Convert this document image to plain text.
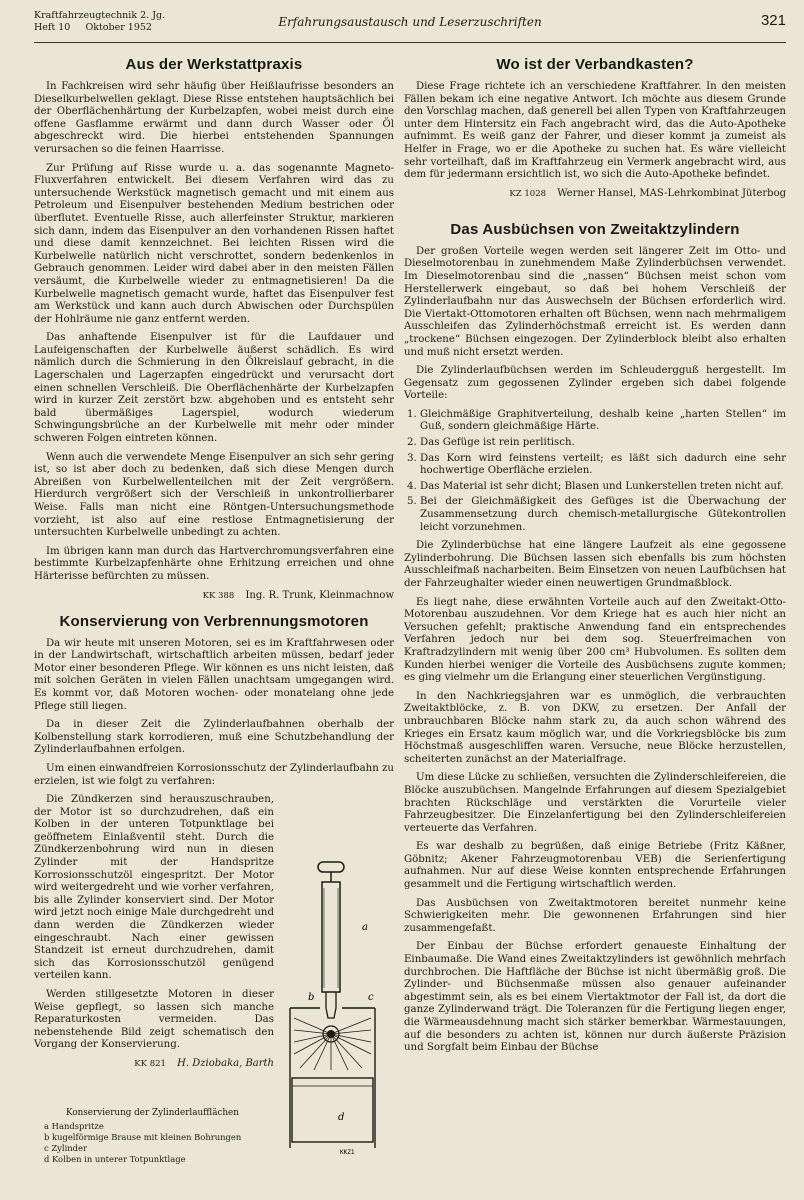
Kraftfahrzeugtechnik 2. Jg.
Heft 10     Oktober 1952	Erfahrungsaustausch und Leserzuschriften	321
Aus der Werkstattpraxis

In Fachkreisen wird sehr häufig über Heißlaufrisse besonders an Dieselkurbelwellen geklagt. Diese Risse entstehen hauptsächlich bei der Oberflächenhärtung der Kurbelzapfen, wobei meist durch eine offene Gasflamme erwärmt und dann durch Wasser oder Öl abgeschreckt wird. Die hierbei entstehenden Spannungen verursachen so die feinen Haarrisse.

Zur Prüfung auf Risse wurde u. a. das sogenannte Magneto-Fluxverfahren entwickelt. Bei diesem Verfahren wird das zu untersuchende Werkstück magnetisch gemacht und mit einem aus Petroleum und Eisenpulver bestehenden Medium bestrichen oder überflutet. Eventuelle Risse, auch allerfeinster Struktur, markieren sich dann, indem das Eisenpulver an den vorhandenen Rissen haftet und diese damit kennzeichnet. Bei leichten Rissen wird die Kurbelwelle natürlich nicht verschrottet, sondern bedenkenlos in Gebrauch genommen. Leider wird dabei aber in den meisten Fällen versäumt, die Kurbelwelle wieder zu entmagnetisieren! Da die Kurbelwelle magnetisch gemacht wurde, haftet das Eisenpulver fest am Werkstück und kann auch durch Abwischen oder Durchspülen der Hohlräume nie ganz entfernt werden.

Das anhaftende Eisenpulver ist für die Laufdauer und Laufeigenschaften der Kurbelwelle äußerst schädlich. Es wird nämlich durch die Schmierung in den Ölkreislauf gebracht, in die Lagerschalen und Lagerzapfen eingedrückt und verursacht dort einen schnellen Verschleiß. Die Oberflächenhärte der Kurbelzapfen wird in kurzer Zeit zerstört bzw. abgehoben und es entsteht sehr bald übermäßiges Lagerspiel, wodurch wiederum Schwingungsbrüche an der Kurbelwelle mit mehr oder minder schweren Folgen eintreten können.

Wenn auch die verwendete Menge Eisenpulver an sich sehr gering ist, so ist aber doch zu bedenken, daß sich diese Mengen durch Abreißen von Kurbelwellenteilchen mit der Zeit vergrößern. Hierdurch vergrößert sich der Verschleiß in unkontrollierbarer Weise. Falls man nicht eine Röntgen-Untersuchungsmethode vorzieht, ist also auf eine restlose Entmagnetisierung der untersuchten Kurbelwelle unbedingt zu achten.

Im übrigen kann man durch das Hartverchromungsverfahren eine bestimmte Kurbelzapfenhärte ohne Erhitzung erreichen und ohne Härterisse befürchten zu müssen.

KK 388 Ing. R. Trunk, Kleinmachnow
Konservierung von Verbrennungsmotoren

Da wir heute mit unseren Motoren, sei es im Kraftfahrwesen oder in der Landwirtschaft, wirtschaftlich arbeiten müssen, bedarf jeder Motor einer besonderen Pflege. Wir können es uns nicht leisten, daß mit solchen Geräten in vielen Fällen unachtsam umgegangen wird. Es kommt vor, daß Motoren wochen- oder monatelang ohne jede Pflege still liegen.

Da in dieser Zeit die Zylinderlaufbahnen oberhalb der Kolbenstellung stark korrodieren, muß eine Schutzbehandlung der Zylinderlaufbahnen erfolgen.

Um einen einwandfreien Korrosionsschutz der Zylinderlaufbahn zu erzielen, ist wie folgt zu verfahren:

Die Zündkerzen sind herauszuschrauben, der Motor ist so durchzudrehen, daß ein Kolben in der unteren Totpunktlage bei geöffnetem Einlaßventil steht. Durch die Zündkerzenbohrung wird nun in diesen Zylinder mit der Handspritze Korrosionsschutzöl eingespritzt. Der Motor wird weitergedreht und wie vorher verfahren, bis alle Zylinder konserviert sind. Der Motor wird jetzt noch einige Male durchgedreht und dann werden die Zündkerzen wieder eingeschraubt. Nach einer gewissen Standzeit ist erneut durchzudrehen, damit sich das Korrosionsschutzöl genügend verteilen kann.

Werden stillgesetzte Motoren in dieser Weise gepflegt, so lassen sich manche Reparaturkosten vermeiden. Das nebenstehende Bild zeigt schematisch den Vorgang der Konservierung.

KK 821 H. Dziobaka, Barth
a
b	c
d
KKZ1
Konservierung der Zylinderlaufflächen
a Handspritze
b kugelförmige Brause mit kleinen Bohrungen
c Zylinder
d Kolben in unterer Totpunktlage
Wo ist der Verbandkasten?

Diese Frage richtete ich an verschiedene Kraftfahrer. In den meisten Fällen bekam ich eine negative Antwort. Ich möchte aus diesem Grunde den Vorschlag machen, daß generell bei allen Typen von Kraftfahrzeugen unter dem Hintersitz ein Fach angebracht wird, das die Auto-Apotheke aufnimmt. Es weiß ganz der Fahrer, und dieser kommt ja zumeist als Helfer in Frage, wo er die Apotheke zu suchen hat. Es wäre vielleicht sehr vorteilhaft, daß im Kraftfahrzeug ein Vermerk angebracht wird, aus dem für jedermann ersichtlich ist, wo sich die Auto-Apotheke befindet.

KZ 1028 Werner Hansel, MAS-Lehrkombinat Jüterbog
Das Ausbüchsen von Zweitaktzylindern

Der großen Vorteile wegen werden seit längerer Zeit im Otto- und Dieselmotorenbau in zunehmendem Maße Zylinderbüchsen verwendet. Im Dieselmotorenbau sind die „nassen“ Büchsen meist schon vom Herstellerwerk eingebaut, so daß bei hohem Verschleiß der Zylinderlaufbahn nur das Auswechseln der Büchsen erforderlich wird. Die Viertakt-Ottomotoren erhalten oft Büchsen, wenn nach mehrmaligem Ausschleifen das Zylinderhöchstmaß erreicht ist. Es werden dann „trockene“ Büchsen eingezogen. Der Zylinderblock bleibt also erhalten und muß nicht ersetzt werden.

Die Zylinderlaufbüchsen werden im Schleudergguß hergestellt. Im Gegensatz zum gegossenen Zylinder ergeben sich dabei folgende Vorteile:

1. Gleichmäßige Graphitverteilung, deshalb keine „harten Stellen“ im Guß, sondern gleichmäßige Härte.
2. Das Gefüge ist rein perlitisch.
3. Das Korn wird feinstens verteilt; es läßt sich dadurch eine sehr hochwertige Oberfläche erzielen.
4. Das Material ist sehr dicht; Blasen und Lunkerstellen treten nicht auf.
5. Bei der Gleichmäßigkeit des Gefüges ist die Überwachung der Zusammensetzung durch chemisch-metallurgische Gütekontrollen leicht vorzunehmen.

Die Zylinderbüchse hat eine längere Laufzeit als eine gegossene Zylinderbohrung. Die Büchsen lassen sich ebenfalls bis zum höchsten Ausschleifmaß nacharbeiten. Beim Einsetzen von neuen Laufbüchsen hat der Fahrzeughalter wieder einen neuwertigen Grundmaßblock.

Es liegt nahe, diese erwähnten Vorteile auch auf den Zweitakt-Otto-Motorenbau auszudehnen. Vor dem Kriege hat es auch hier nicht an Versuchen gefehlt; praktische Anwendung fand ein entsprechendes Verfahren jedoch nur bei dem sog. Steuerfreimachen von Kraftradzylindern mit wenig über 200 cm³ Hubvolumen. Es sollten dem Kunden hierbei weniger die Vorteile des Ausbüchsens zugute kommen; es ging vielmehr um die Erlangung einer steuerlichen Vergünstigung.

In den Nachkriegsjahren war es unmöglich, die verbrauchten Zweitaktblöcke, z. B. von DKW, zu ersetzen. Der Anfall der unbrauchbaren Blöcke nahm stark zu, da auch schon während des Krieges ein Ersatz kaum möglich war, und die Vorkriegsblöcke bis zum Höchstmaß ausgeschliffen waren. Versuche, neue Blöcke herzustellen, scheiterten zunächst an der Materialfrage.

Um diese Lücke zu schließen, versuchten die Zylinderschleifereien, die Blöcke auszubüchsen. Mangelnde Erfahrungen auf diesem Spezialgebiet brachten Rückschläge und verstärkten die Vorurteile vieler Fahrzeugbesitzer. Die Einzelanfertigung bei den Zylinderschleifereien verteuerte das Verfahren.

Es war deshalb zu begrüßen, daß einige Betriebe (Fritz Käßner, Göbnitz; Akener Fahrzeugmotorenbau VEB) die Serienfertigung aufnahmen. Nur auf diese Weise konnten entsprechende Erfahrungen gesammelt und die Fertigung wirtschaftlich werden.

Das Ausbüchsen von Zweitaktmotoren bereitet nunmehr keine Schwierigkeiten mehr. Die gewonnenen Erfahrungen sind hier zusammengefaßt.

Der Einbau der Büchse erfordert genaueste Einhaltung der Einbaumaße. Die Wand eines Zweitaktzylinders ist gewöhnlich mehrfach durchbrochen. Die Haftfläche der Büchse ist nicht übermäßig groß. Die Zylinder- und Büchsenmaße müssen also genauer aufeinander abgestimmt sein, als es bei einem Viertaktmotor der Fall ist, da dort die ganze Zylinderwand trägt. Die Toleranzen für die Fertigung liegen enger, die Wärmeausdehnung macht sich stärker bemerkbar. Wärmestauungen, auf die besonders zu achten ist, können nur durch äußerste Präzision und Sorgfalt beim Einbau der Büchse
